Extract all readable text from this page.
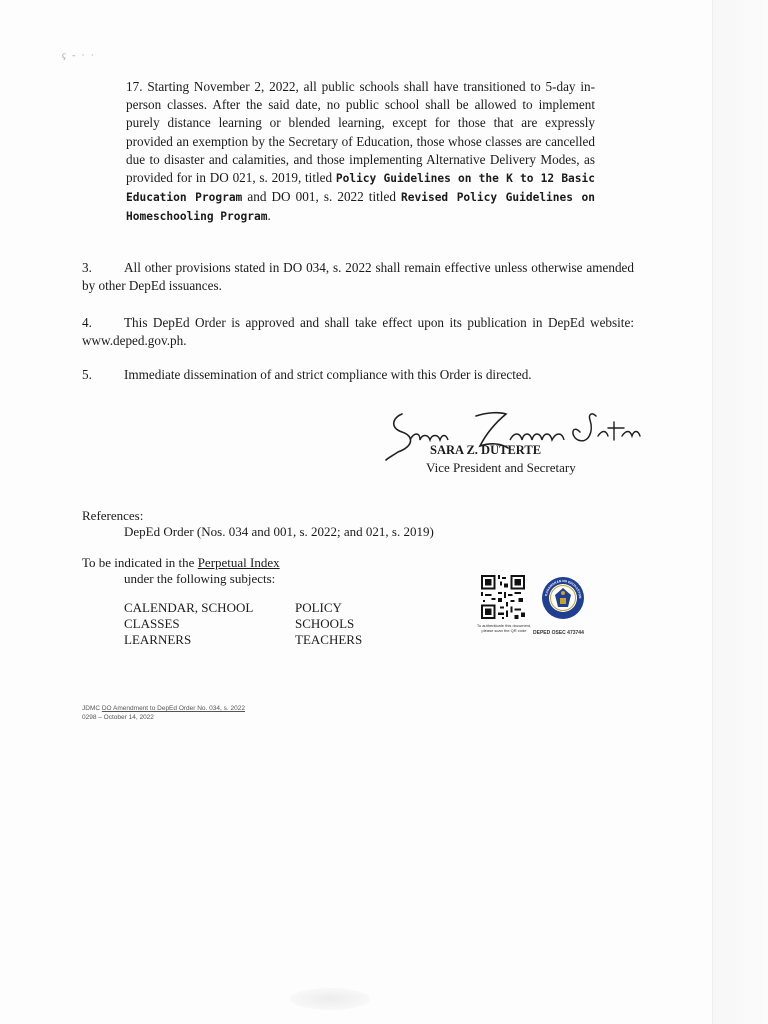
ç - · ·

17. Starting November 2, 2022, all public schools shall have transitioned to 5-day in-person classes. After the said date, no public school shall be allowed to implement purely distance learning or blended learning, except for those that are expressly provided an exemption by the Secretary of Education, those whose classes are cancelled due to disaster and calamities, and those implementing Alternative Delivery Modes, as provided for in DO 021, s. 2019, titled Policy Guidelines on the K to 12 Basic Education Program and DO 001, s. 2022 titled Revised Policy Guidelines on Homeschooling Program.

3. All other provisions stated in DO 034, s. 2022 shall remain effective unless otherwise amended by other DepEd issuances.

4. This DepEd Order is approved and shall take effect upon its publication in DepEd website: www.deped.gov.ph.

5. Immediate dissemination of and strict compliance with this Order is directed.

SARA Z. DUTERTE
Vice President and Secretary
References:
DepEd Order (Nos. 034 and 001, s. 2022; and 021, s. 2019)
To be indicated in the Perpetual Index
under the following subjects:
CALENDAR, SCHOOL
CLASSES
LEARNERS
POLICY
SCHOOLS
TEACHERS
To authenticate this document,
please scan the QR code
KAGAWARAN NG EDUKASYON
DEPED OSEC 473744
JDMC DO Amendment to DepEd Order No. 034, s. 2022
0298 – October 14, 2022
